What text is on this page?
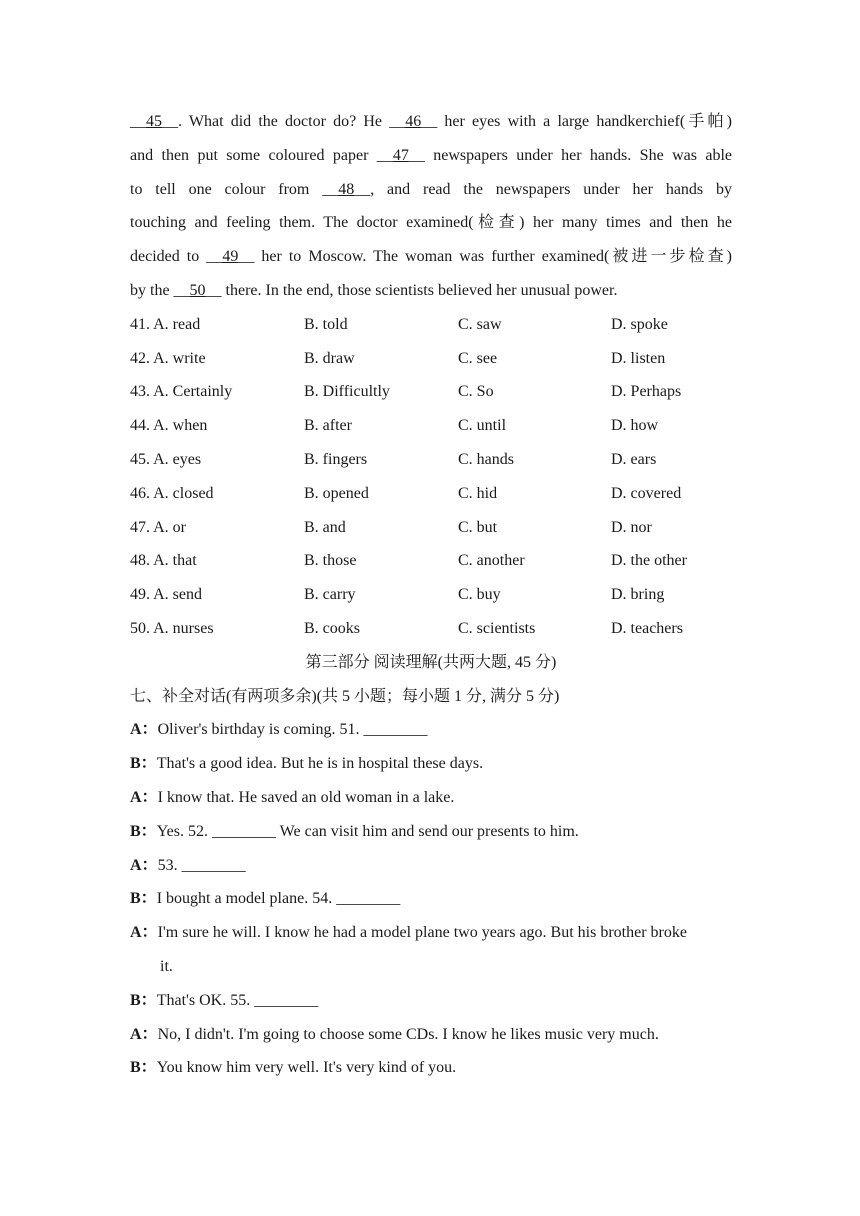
__45__. What did the doctor do? He __46__ her eyes with a large handkerchief(手帕)
and then put some coloured paper __47__ newspapers under her hands. She was able
to tell one colour from __48__, and read the newspapers under her hands by
touching and feeling them. The doctor examined(检查) her many times and then he
decided to __49__ her to Moscow. The woman was further examined(被进一步检查)
by the __50__ there. In the end, those scientists believed her unusual power.
41. A. read	B. told	C. saw	D. spoke
42. A. write	B. draw	C. see	D. listen
43. A. Certainly	B. Difficultly	C. So	D. Perhaps
44. A. when	B. after	C. until	D. how
45. A. eyes	B. fingers	C. hands	D. ears
46. A. closed	B. opened	C. hid	D. covered
47. A. or	B. and	C. but	D. nor
48. A. that	B. those	C. another	D. the other
49. A. send	B. carry	C. buy	D. bring
50. A. nurses	B. cooks	C. scientists	D. teachers
第三部分 阅读理解(共两大题, 45 分)
七、补全对话(有两项多余)(共 5 小题；每小题 1 分, 满分 5 分)
A：Oliver's birthday is coming. 51. ________
B：That's a good idea. But he is in hospital these days.
A：I know that. He saved an old woman in a lake.
B：Yes. 52. ________ We can visit him and send our presents to him.
A：53. ________
B：I bought a model plane. 54. ________
A：I'm sure he will. I know he had a model plane two years ago. But his brother broke
it.
B：That's OK. 55. ________
A：No, I didn't. I'm going to choose some CDs. I know he likes music very much.
B：You know him very well. It's very kind of you.
